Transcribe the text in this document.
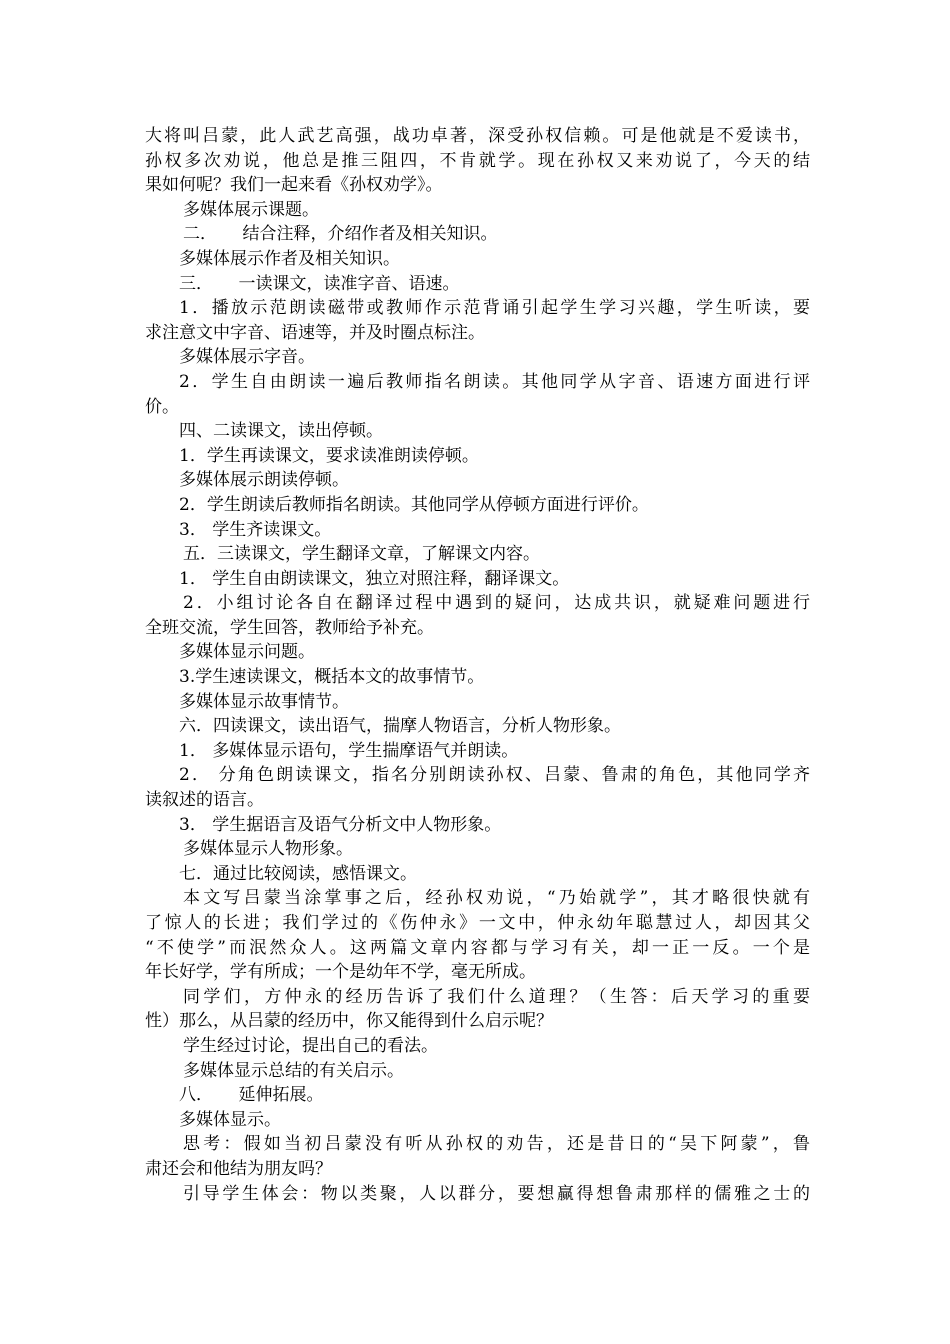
大将叫吕蒙，此人武艺高强，战功卓著，深受孙权信赖。可是他就是不爱读书，
孙权多次劝说，他总是推三阻四，不肯就学。现在孙权又来劝说了，今天的结
果如何呢？我们一起来看《孙权劝学》。
多媒体展示课题。
二．　　结合注释，介绍作者及相关知识。
多媒体展示作者及相关知识。
三．　　一读课文，读准字音、语速。
1．播放示范朗读磁带或教师作示范背诵引起学生学习兴趣，学生听读，要
求注意文中字音、语速等，并及时圈点标注。
多媒体展示字音。
2．学生自由朗读一遍后教师指名朗读。其他同学从字音、语速方面进行评
价。
四、二读课文，读出停顿。
1．学生再读课文，要求读准朗读停顿。
多媒体展示朗读停顿。
2．学生朗读后教师指名朗读。其他同学从停顿方面进行评价。
3． 学生齐读课文。
五．三读课文，学生翻译文章，了解课文内容。
1． 学生自由朗读课文，独立对照注释，翻译课文。
2．小组讨论各自在翻译过程中遇到的疑问，达成共识，就疑难问题进行
全班交流，学生回答，教师给予补充。
多媒体显示问题。
3.学生速读课文，概括本文的故事情节。
多媒体显示故事情节。
六．四读课文，读出语气，揣摩人物语言，分析人物形象。
1． 多媒体显示语句，学生揣摩语气并朗读。
2． 分角色朗读课文，指名分别朗读孙权、吕蒙、鲁肃的角色，其他同学齐
读叙述的语言。
3． 学生据语言及语气分析文中人物形象。
多媒体显示人物形象。
七．通过比较阅读，感悟课文。
本文写吕蒙当涂掌事之后，经孙权劝说，“乃始就学”，其才略很快就有
了惊人的长进；我们学过的《伤仲永》一文中，仲永幼年聪慧过人，却因其父
“不使学”而泯然众人。这两篇文章内容都与学习有关，却一正一反。一个是
年长好学，学有所成；一个是幼年不学，毫无所成。
同学们，方仲永的经历告诉了我们什么道理？（生答：后天学习的重要
性）那么，从吕蒙的经历中，你又能得到什么启示呢？
学生经过讨论，提出自己的看法。
多媒体显示总结的有关启示。
八．　　延伸拓展。
多媒体显示。
思考：假如当初吕蒙没有听从孙权的劝告，还是昔日的“吴下阿蒙”，鲁
肃还会和他结为朋友吗？
引导学生体会：物以类聚，人以群分，要想赢得想鲁肃那样的儒雅之士的
